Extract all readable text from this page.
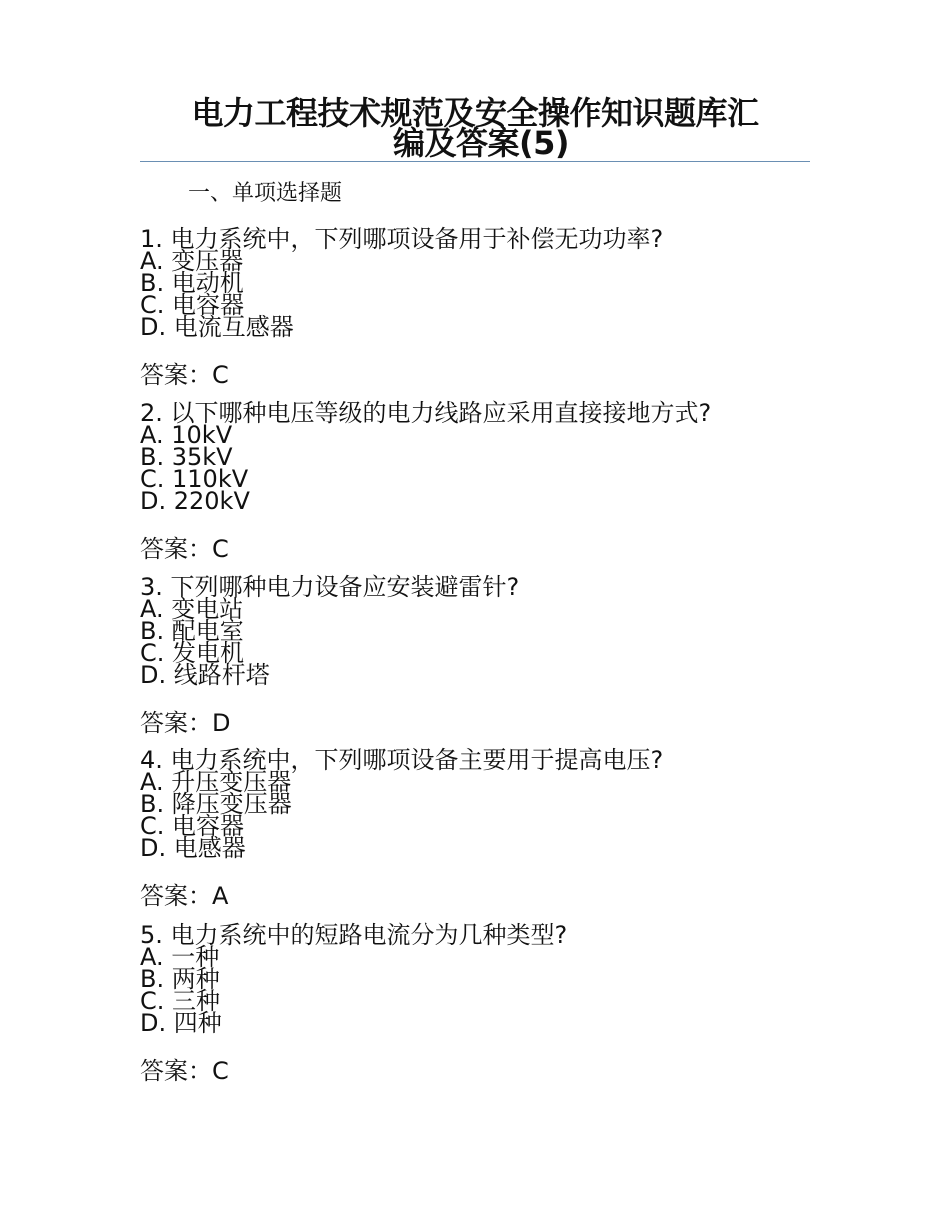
电力工程技术规范及安全操作知识题库汇
编及答案(5)
一、单项选择题
1. 电力系统中，下列哪项设备用于补偿无功功率?
A. 变压器
B. 电动机
C. 电容器
D. 电流互感器
答案：C
2. 以下哪种电压等级的电力线路应采用直接接地方式?
A. 10kV
B. 35kV
C. 110kV
D. 220kV
答案：C
3. 下列哪种电力设备应安装避雷针?
A. 变电站
B. 配电室
C. 发电机
D. 线路杆塔
答案：D
4. 电力系统中，下列哪项设备主要用于提高电压?
A. 升压变压器
B. 降压变压器
C. 电容器
D. 电感器
答案：A
5. 电力系统中的短路电流分为几种类型?
A. 一种
B. 两种
C. 三种
D. 四种
答案：C
